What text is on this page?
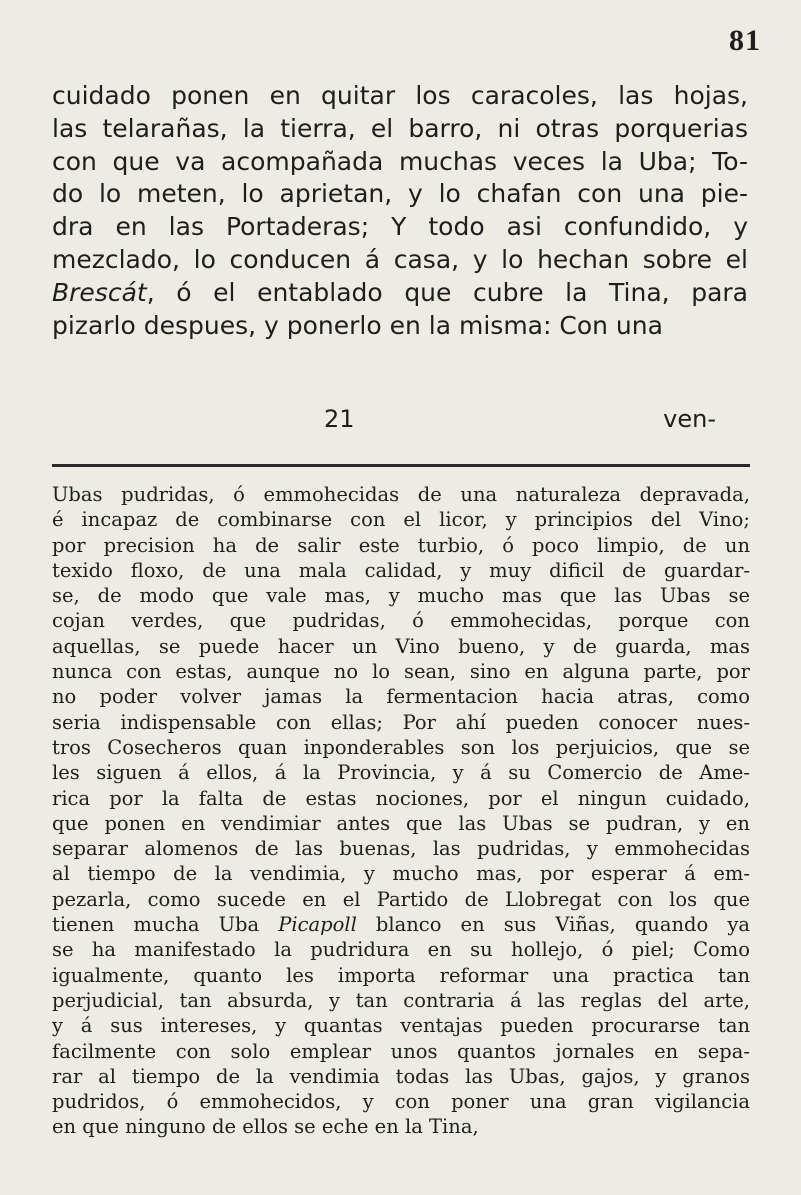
81
cuidado ponen en quitar los caracoles, las hojas,
las telarañas, la tierra, el barro, ni otras porquerias
con que va acompañada muchas veces la Uba; To-
do lo meten, lo aprietan, y lo chafan con una pie-
dra en las Portaderas; Y todo asi confundido, y
mezclado, lo conducen á casa, y lo hechan sobre el
Brescát, ó el entablado que cubre la Tina, para
pizarlo despues, y ponerlo en la misma: Con una
21	ven-
Ubas pudridas, ó emmohecidas de una naturaleza depravada,
é incapaz de combinarse con el licor, y principios del Vino;
por precision ha de salir este turbio, ó poco limpio, de un
texido floxo, de una mala calidad, y muy dificil de guardar-
se, de modo que vale mas, y mucho mas que las Ubas se
cojan verdes, que pudridas, ó emmohecidas, porque con
aquellas, se puede hacer un Vino bueno, y de guarda, mas
nunca con estas, aunque no lo sean, sino en alguna parte, por
no poder volver jamas la fermentacion hacia atras, como
seria indispensable con ellas; Por ahí pueden conocer nues-
tros Cosecheros quan inponderables son los perjuicios, que se
les siguen á ellos, á la Provincia, y á su Comercio de Ame-
rica por la falta de estas nociones, por el ningun cuidado,
que ponen en vendimiar antes que las Ubas se pudran, y en
separar alomenos de las buenas, las pudridas, y emmohecidas
al tiempo de la vendimia, y mucho mas, por esperar á em-
pezarla, como sucede en el Partido de Llobregat con los que
tienen mucha Uba Picapoll blanco en sus Viñas, quando ya
se ha manifestado la pudridura en su hollejo, ó piel; Como
igualmente, quanto les importa reformar una practica tan
perjudicial, tan absurda, y tan contraria á las reglas del arte,
y á sus intereses, y quantas ventajas pueden procurarse tan
facilmente con solo emplear unos quantos jornales en sepa-
rar al tiempo de la vendimia todas las Ubas, gajos, y granos
pudridos, ó emmohecidos, y con poner una gran vigilancia
en que ninguno de ellos se eche en la Tina,
